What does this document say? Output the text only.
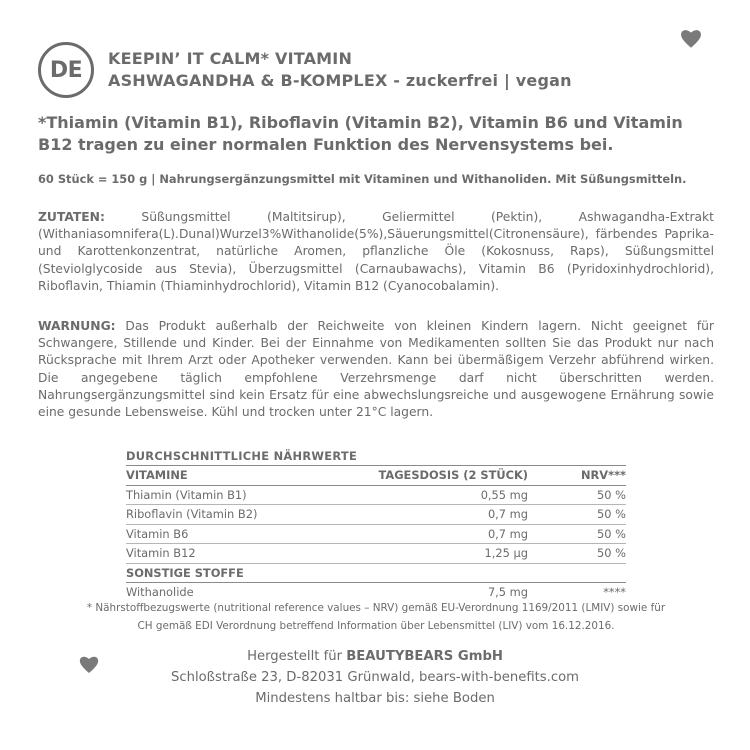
DE	KEEPIN’ IT CALM* VITAMIN
ASHWAGANDHA & B-KOMPLEX - zuckerfrei | vegan
*Thiamin (Vitamin B1), Riboflavin (Vitamin B2), Vitamin B6 und Vitamin B12 tragen zu einer normalen Funktion des Nervensystems bei.
60 Stück = 150 g | Nahrungsergänzungsmittel mit Vitaminen und Withanoliden. Mit Süßungsmitteln.
ZUTATEN:	Süßungsmittel (Maltitsirup), Geliermittel (Pektin), Ashwagandha-Extrakt (Withaniasomnifera(L).Dunal)Wurzel3%Withanolide(5%),Säuerungsmittel(Citronensäure), färbendes Paprika- und Karottenkonzentrat, natürliche Aromen, pflanzliche Öle (Kokosnuss, Raps), Süßungsmittel (Steviolglycoside aus Stevia), Überzugsmittel (Carnaubawachs), Vitamin B6 (Pyridoxinhydrochlorid), Riboflavin, Thiamin (Thiaminhydrochlorid), Vitamin B12 (Cyanocobalamin).
WARNUNG: Das Produkt außerhalb der Reichweite von kleinen Kindern lagern. Nicht geeignet für Schwangere, Stillende und Kinder. Bei der Einnahme von Medikamenten sollten Sie das Produkt nur nach Rücksprache mit Ihrem Arzt oder Apotheker verwenden. Kann bei übermäßigem Verzehr abführend wirken. Die angegebene täglich empfohlene Verzehrsmenge darf nicht überschritten werden. Nahrungsergänzungsmittel sind kein Ersatz für eine abwechslungsreiche und ausgewogene Ernährung sowie eine gesunde Lebensweise. Kühl und trocken unter 21°C lagern.
DURCHSCHNITTLICHE NÄHRWERTE
VITAMINE	TAGESDOSIS (2 STÜCK)	NRV***
Thiamin (Vitamin B1)	0,55 mg	50 %
Riboflavin (Vitamin B2)	0,7 mg	50 %
Vitamin B6	0,7 mg	50 %
Vitamin B12	1,25 µg	50 %
SONSTIGE STOFFE
Withanolide	7,5 mg	****
* Nährstoffbezugswerte (nutritional reference values – NRV) gemäß EU-Verordnung 1169/2011 (LMIV) sowie für
CH gemäß EDI Verordnung betreffend Information über Lebensmittel (LIV) vom 16.12.2016.
Hergestellt für BEAUTYBEARS GmbH
Schloßstraße 23, D-82031 Grünwald, bears-with-benefits.com
Mindestens haltbar bis: siehe Boden
